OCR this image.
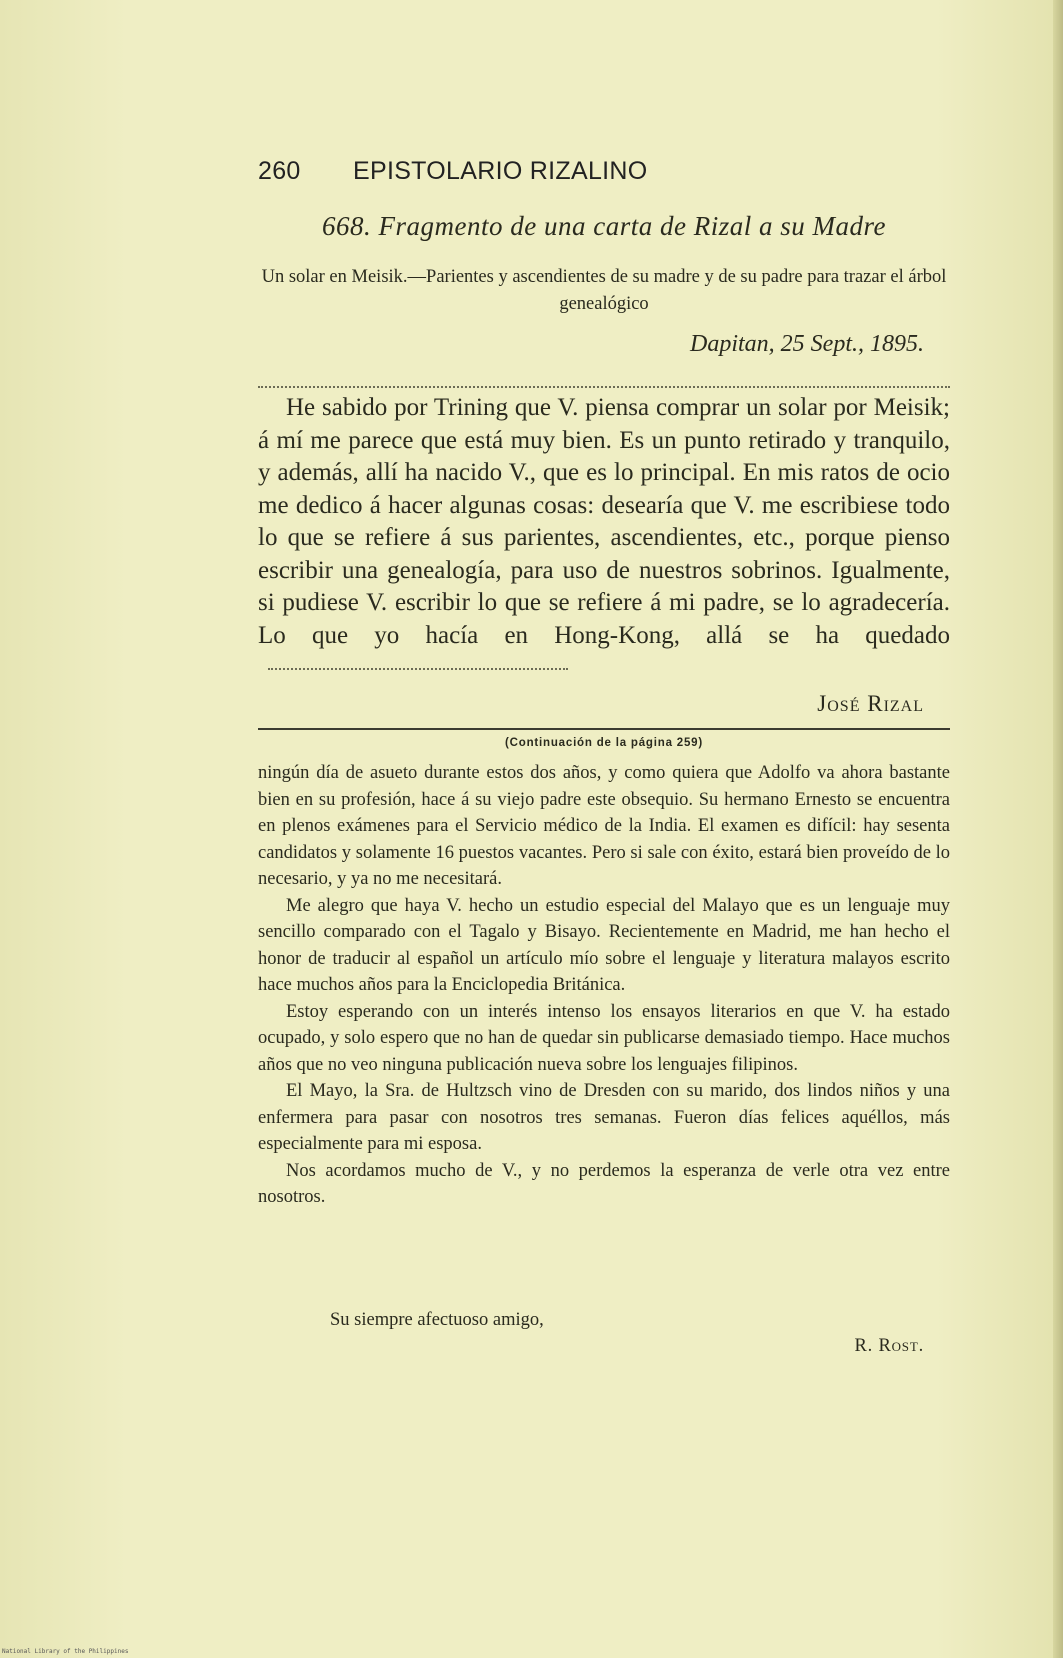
260 EPISTOLARIO RIZALINO
668. Fragmento de una carta de Rizal a su Madre
Un solar en Meisik.—Parientes y ascendientes de su madre y de su padre para trazar el árbol genealógico
Dapitan, 25 Sept., 1895.

He sabido por Trining que V. piensa comprar un solar por Meisik; á mí me parece que está muy bien. Es un punto retirado y tranquilo, y además, allí ha nacido V., que es lo principal. En mis ratos de ocio me dedico á hacer algunas cosas: desearía que V. me escribiese todo lo que se refiere á sus parientes, ascendientes, etc., porque pienso escribir una genealogía, para uso de nuestros sobrinos. Igualmente, si pudiese V. escribir lo que se refiere á mi padre, se lo agradecería. Lo que yo hacía en Hong-Kong, allá se ha quedado

José Rizal
(Continuación de la página 259)

ningún día de asueto durante estos dos años, y como quiera que Adolfo va ahora bastante bien en su profesión, hace á su viejo padre este obsequio. Su hermano Ernesto se encuentra en plenos exámenes para el Servicio médico de la India. El examen es difícil: hay sesenta candidatos y solamente 16 puestos vacantes. Pero si sale con éxito, estará bien proveído de lo necesario, y ya no me necesitará.

Me alegro que haya V. hecho un estudio especial del Malayo que es un lenguaje muy sencillo comparado con el Tagalo y Bisayo. Recientemente en Madrid, me han hecho el honor de traducir al español un artículo mío sobre el lenguaje y literatura malayos escrito hace muchos años para la Enciclopedia Británica.

Estoy esperando con un interés intenso los ensayos literarios en que V. ha estado ocupado, y solo espero que no han de quedar sin publicarse demasiado tiempo. Hace muchos años que no veo ninguna publicación nueva sobre los lenguajes filipinos.

El Mayo, la Sra. de Hultzsch vino de Dresden con su marido, dos lindos niños y una enfermera para pasar con nosotros tres semanas. Fueron días felices aquéllos, más especialmente para mi esposa.

Nos acordamos mucho de V., y no perdemos la esperanza de verle otra vez entre nosotros.

Su siempre afectuoso amigo,
R. Rost.
National Library of the Philippines
